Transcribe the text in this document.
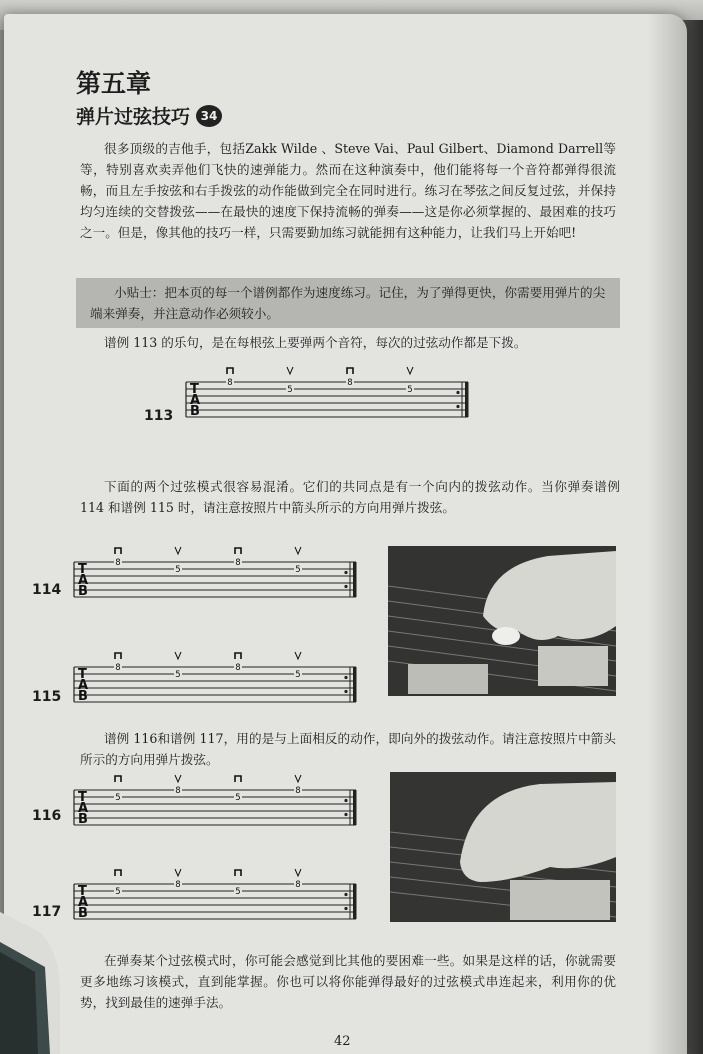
第五章
弹片过弦技巧 34
很多顶级的吉他手，包括Zakk Wilde 、Steve Vai、Paul Gilbert、Diamond Darrell等等，特别喜欢卖弄他们飞快的速弹能力。然而在这种演奏中，他们能将每一个音符都弹得很流畅，而且左手按弦和右手拨弦的动作能做到完全在同时进行。练习在琴弦之间反复过弦，并保持均匀连续的交替拨弦——在最快的速度下保持流畅的弹奏——这是你必须掌握的、最困难的技巧之一。但是，像其他的技巧一样，只需要勤加练习就能拥有这种能力，让我们马上开始吧!

小贴士：把本页的每一个谱例都作为速度练习。记住，为了弹得更快，你需要用弹片的尖端来弹奏，并注意动作必须较小。

谱例 113 的乐句，是在每根弦上要弹两个音符，每次的过弦动作都是下拨。
T
A
B
8
5
8
5
113
下面的两个过弦模式很容易混淆。它们的共同点是有一个向内的拨弦动作。当你弹奏谱例 114 和谱例 115 时，请注意按照片中箭头所示的方向用弹片拨弦。
T
A
B
8
5
8
5
114
T
A
B
8
5
8
5
115
谱例 116和谱例 117，用的是与上面相反的动作，即向外的拨弦动作。请注意按照片中箭头所示的方向用弹片拨弦。
T
A
B
5
8
5
8
116
T
A
B
5
8
5
8
117
在弹奏某个过弦模式时，你可能会感觉到比其他的要困难一些。如果是这样的话，你就需要更多地练习该模式，直到能掌握。你也可以将你能弹得最好的过弦模式串连起来，利用你的优势，找到最佳的速弹手法。
42
